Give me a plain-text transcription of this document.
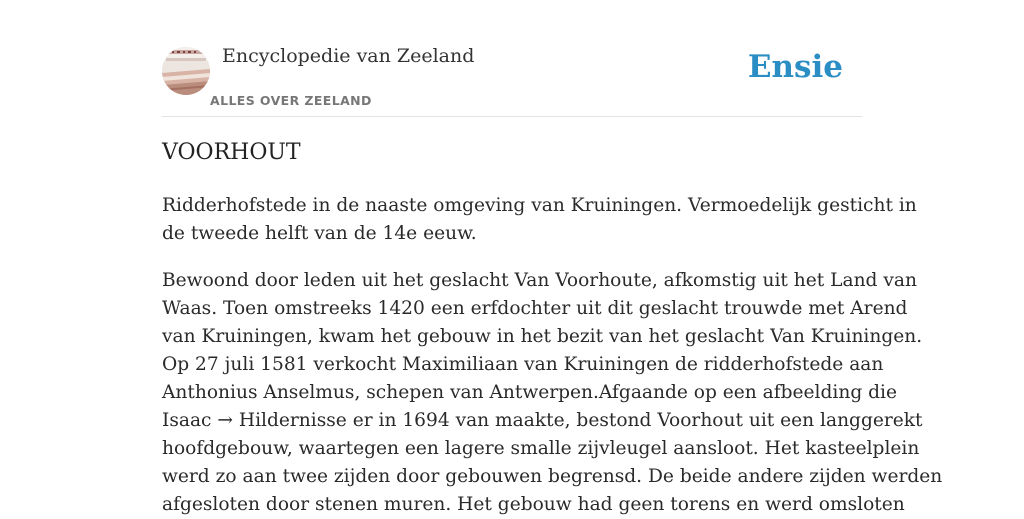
Encyclopedie van Zeeland
ALLES OVER ZEELAND
Ensie
VOORHOUT

Ridderhofstede in de naaste omgeving van Kruiningen. Vermoedelijk gesticht in
de tweede helft van de 14e eeuw.

Bewoond door leden uit het geslacht Van Voorhoute, afkomstig uit het Land van
Waas. Toen omstreeks 1420 een erfdochter uit dit geslacht trouwde met Arend
van Kruiningen, kwam het gebouw in het bezit van het geslacht Van Kruiningen.
Op 27 juli 1581 verkocht Maximiliaan van Kruiningen de ridderhofstede aan
Anthonius Anselmus, schepen van Antwerpen.Afgaande op een afbeelding die
Isaac → Hildernisse er in 1694 van maakte, bestond Voorhout uit een langgerekt
hoofdgebouw, waartegen een lagere smalle zijvleugel aansloot. Het kasteelplein
werd zo aan twee zijden door gebouwen begrensd. De beide andere zijden werden
afgesloten door stenen muren. Het gebouw had geen torens en werd omsloten
